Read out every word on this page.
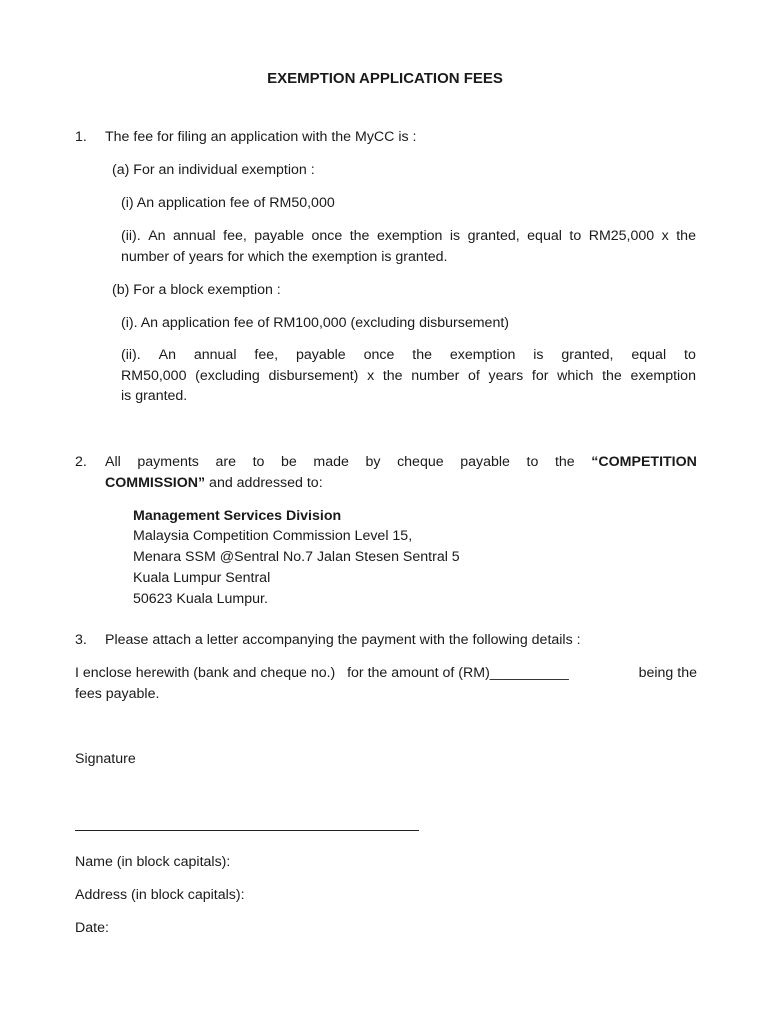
EXEMPTION APPLICATION FEES
1. The fee for filing an application with the MyCC is :
(a) For an individual exemption :
(i) An application fee of RM50,000
(ii). An annual fee, payable once the exemption is granted, equal to RM25,000 x the
number of years for which the exemption is granted.
(b) For a block exemption :
(i). An application fee of RM100,000 (excluding disbursement)
(ii). An annual fee, payable once the exemption is granted, equal to
RM50,000 (excluding disbursement) x the number of years for which the exemption
is granted.
2. All payments are to be made by cheque payable to the “COMPETITION
COMMISSION” and addressed to:
Management Services Division
Malaysia Competition Commission Level 15,
Menara SSM @Sentral No.7 Jalan Stesen Sentral 5
Kuala Lumpur Sentral
50623 Kuala Lumpur.
3. Please attach a letter accompanying the payment with the following details :
I enclose herewith (bank and cheque no.)   for the amount of (RM)__________	being the
fees payable.
Signature
Name (in block capitals):
Address (in block capitals):
Date:
